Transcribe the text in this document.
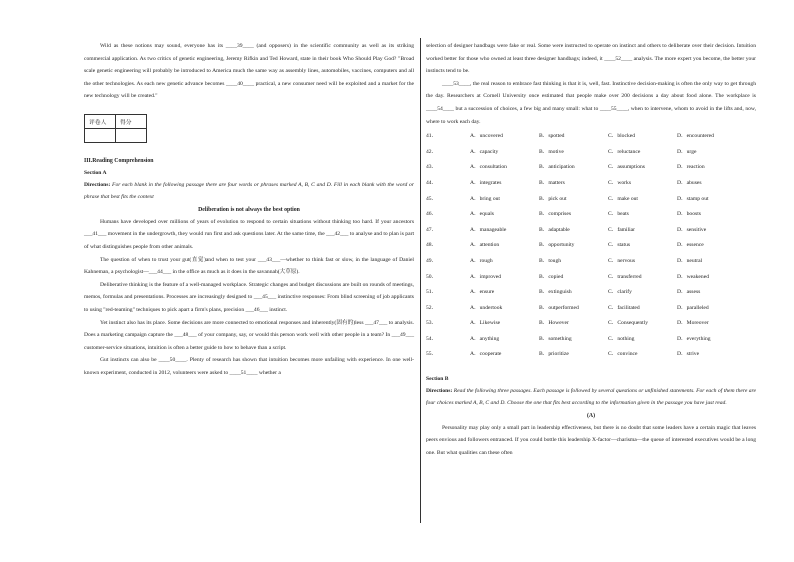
Wild as these notions may sound, everyone has its ____39____ (and opposers) in the scientific community as well as its striking commercial application. As two critics of genetic engineering, Jeremy Rifkin and Ted Howard, state in their book Who Should Play God? "Broad scale genetic engineering will probably be introduced to America much the same way as assembly lines, automobiles, vaccines, computers and all the other technologies. As each new genetic advance becomes ____40____ practical, a new consumer need will be exploited and a market for the new technology will be created."

评卷人	得分

III.Reading Comprehension
Section A
Directions: For each blank in the following passage there are four words or phrases marked A, B, C and D. Fill in each blank with the word or phrase that best fits the context
Deliberation is not always the best option

Humans have developed over millions of years of evolution to respond to certain situations without thinking too hard. If your ancestors ___41___ movement in the undergrowth, they would run first and ask questions later. At the same time, the ___42___ to analyse and to plan is part of what distinguishes people from other animals.

The question of when to trust your gut(直觉)and when to test your ___43___—whether to think fast or slow, in the language of Daniel Kahneman, a psychologist—___44___ in the office as much as it does in the savannah(大草原).

Deliberative thinking is the feature of a well-managed workplace. Strategic changes and budget discussions are built on rounds of meetings, memos, formulas and presentations. Processes are increasingly designed to ___45___ instinctive responses: From blind screening of job applicants to using "red-teaming" techniques to pick apart a firm's plans, precision ___46___ instinct.

Yet instinct also has its place. Some decisions are more connected to emotional responses and inherently(固有的)less ___47___ to analysis. Does a marketing campaign capture the ___48___ of your company, say, or would this person work well with other people in a team? In ___49___ customer-service situations, intuition is often a better guide to how to behave than a script.

Gut instincts can also be ____50____. Plenty of research has shown that intuition becomes more unfailing with experience. In one well-known experiment, conducted in 2012, volunteers were asked to ____51____ whether a

selection of designer handbags were fake or real. Some were instructed to operate on instinct and others to deliberate over their decision. Intuition worked better for those who owned at least three designer handbags; indeed, it ____52____ analysis. The more expert you become, the better your instincts tend to be.

____53____, the real reason to embrace fast thinking is that it is, well, fast. Instinctive decision-making is often the only way to get through the day. Researchers at Cornell University once estimated that people make over 200 decisions a day about food alone. The workplace is ____54____ but a succession of choices, a few big and many small: what to ____55____, when to intervene, whom to avoid in the lifts and, now, where to work each day.

41．	A．uncovered	B．spotted	C．blocked	D．encountered
42．	A．capacity	B．motive	C．reluctance	D．urge
43．	A．consultation	B．anticipation	C．assumptions	D．reaction
44．	A．integrates	B．matters	C．works	D．abuses
45．	A．bring out	B．pick out	C．make out	D．stamp out
46．	A．equals	B．comprises	C．beats	D．boosts
47．	A．manageable	B．adaptable	C．familiar	D．sensitive
48．	A．attention	B．opportunity	C．status	D．essence
49．	A．rough	B．tough	C．nervous	D．neutral
50．	A．improved	B．copied	C．transferred	D．weakened
51．	A．ensure	B．extinguish	C．clarify	D．assess
52．	A．undertook	B．outperformed	C．facilitated	D．paralleled
53．	A．Likewise	B．However	C．Consequently	D．Moreover
54．	A．anything	B．something	C．nothing	D．everything
55．	A．cooperate	B．prioritize	C．convince	D．strive
Section B
Directions: Read the following three passages. Each passage is followed by several questions or unfinished statements. For each of them there are four choices marked A, B, C and D. Choose the one that fits best according to the information given in the passage you have just read.
(A)

Personality may play only a small part in leadership effectiveness, but there is no doubt that some leaders have a certain magic that leaves peers envious and followers entranced. If you could bottle this leadership X-factor—charisma—the queue of interested executives would be a long one. But what qualities can these often
